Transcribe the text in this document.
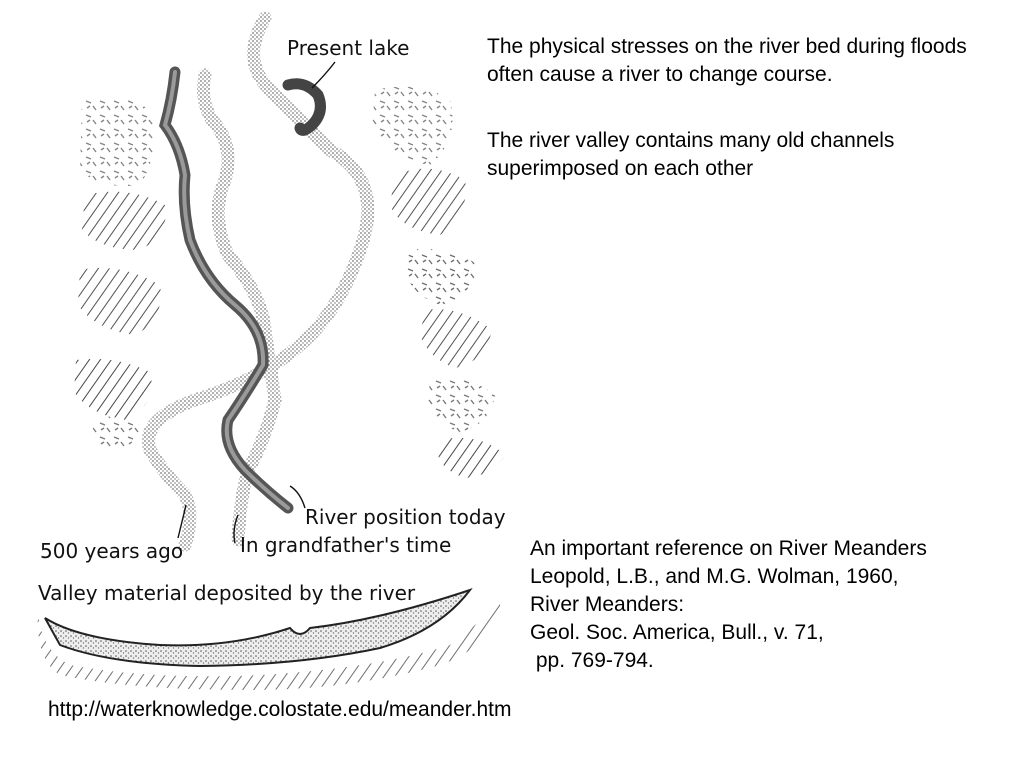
Present lake
River position today
500 years ago	In grandfather's time
Valley material deposited by the river

The physical stresses on the river bed during floods often cause a river to change course.

The river valley contains many old channels superimposed on each other

An important reference on River Meanders
Leopold, L.B., and M.G. Wolman, 1960,
River Meanders:
Geol. Soc. America, Bull., v. 71,
pp. 769-794.
http://waterknowledge.colostate.edu/meander.htm
